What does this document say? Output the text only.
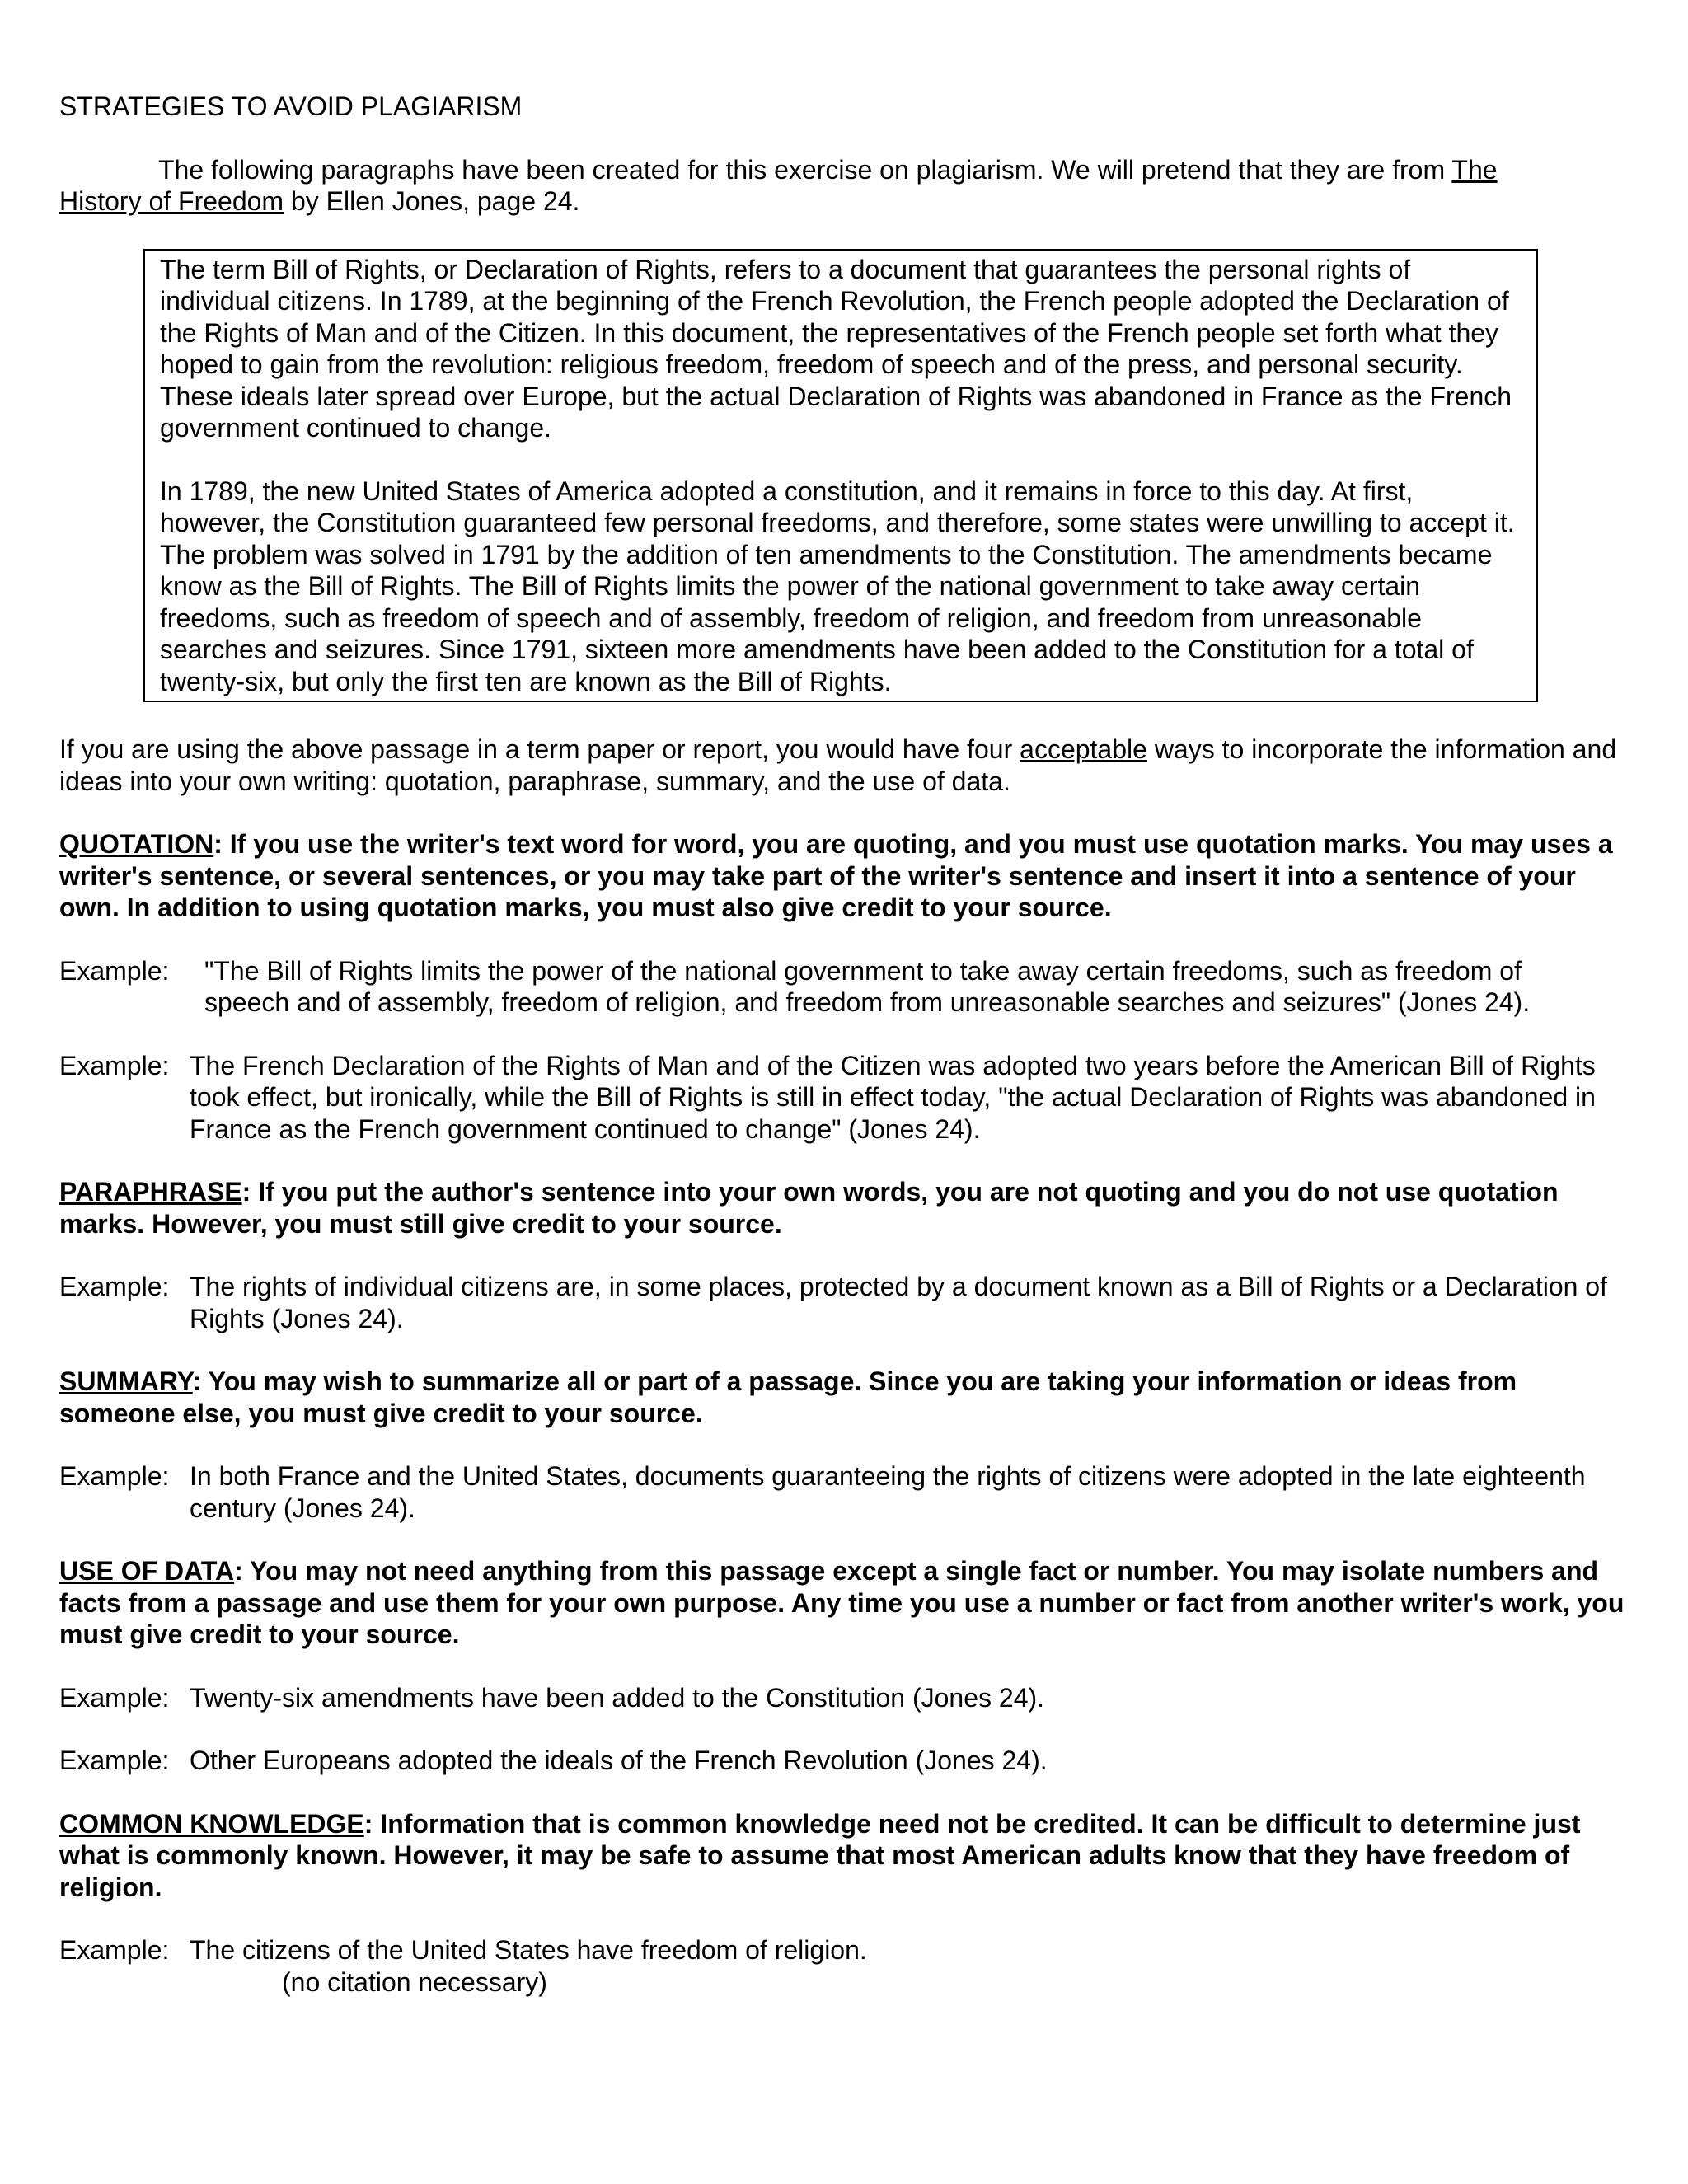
STRATEGIES TO AVOID PLAGIARISM

The following paragraphs have been created for this exercise on plagiarism. We will pretend that they are from The History of Freedom by Ellen Jones, page 24.

The term Bill of Rights, or Declaration of Rights, refers to a document that guarantees the personal rights of individual citizens. In 1789, at the beginning of the French Revolution, the French people adopted the Declaration of the Rights of Man and of the Citizen. In this document, the representatives of the French people set forth what they hoped to gain from the revolution: religious freedom, freedom of speech and of the press, and personal security. These ideals later spread over Europe, but the actual Declaration of Rights was abandoned in France as the French government continued to change.

In 1789, the new United States of America adopted a constitution, and it remains in force to this day. At first, however, the Constitution guaranteed few personal freedoms, and therefore, some states were unwilling to accept it. The problem was solved in 1791 by the addition of ten amendments to the Constitution. The amendments became know as the Bill of Rights. The Bill of Rights limits the power of the national government to take away certain freedoms, such as freedom of speech and of assembly, freedom of religion, and freedom from unreasonable searches and seizures. Since 1791, sixteen more amendments have been added to the Constitution for a total of twenty-six, but only the first ten are known as the Bill of Rights.

If you are using the above passage in a term paper or report, you would have four acceptable ways to incorporate the information and ideas into your own writing: quotation, paraphrase, summary, and the use of data.

QUOTATION: If you use the writer's text word for word, you are quoting, and you must use quotation marks. You may uses a writer's sentence, or several sentences, or you may take part of the writer's sentence and insert it into a sentence of your own. In addition to using quotation marks, you must also give credit to your source.

Example:	"The Bill of Rights limits the power of the national government to take away certain freedoms, such as freedom of speech and of assembly, freedom of religion, and freedom from unreasonable searches and seizures" (Jones 24).
Example: The French Declaration of the Rights of Man and of the Citizen was adopted two years before the American Bill of Rights took effect, but ironically, while the Bill of Rights is still in effect today, "the actual Declaration of Rights was abandoned in France as the French government continued to change" (Jones 24).

PARAPHRASE: If you put the author's sentence into your own words, you are not quoting and you do not use quotation marks. However, you must still give credit to your source.

Example: The rights of individual citizens are, in some places, protected by a document known as a Bill of Rights or a Declaration of Rights (Jones 24).

SUMMARY: You may wish to summarize all or part of a passage. Since you are taking your information or ideas from someone else, you must give credit to your source.

Example: In both France and the United States, documents guaranteeing the rights of citizens were adopted in the late eighteenth century (Jones 24).

USE OF DATA: You may not need anything from this passage except a single fact or number. You may isolate numbers and facts from a passage and use them for your own purpose. Any time you use a number or fact from another writer's work, you must give credit to your source.

Example: Twenty-six amendments have been added to the Constitution (Jones 24).
Example: Other Europeans adopted the ideals of the French Revolution (Jones 24).

COMMON KNOWLEDGE: Information that is common knowledge need not be credited. It can be difficult to determine just what is commonly known. However, it may be safe to assume that most American adults know that they have freedom of religion.

Example: The citizens of the United States have freedom of religion.
(no citation necessary)
